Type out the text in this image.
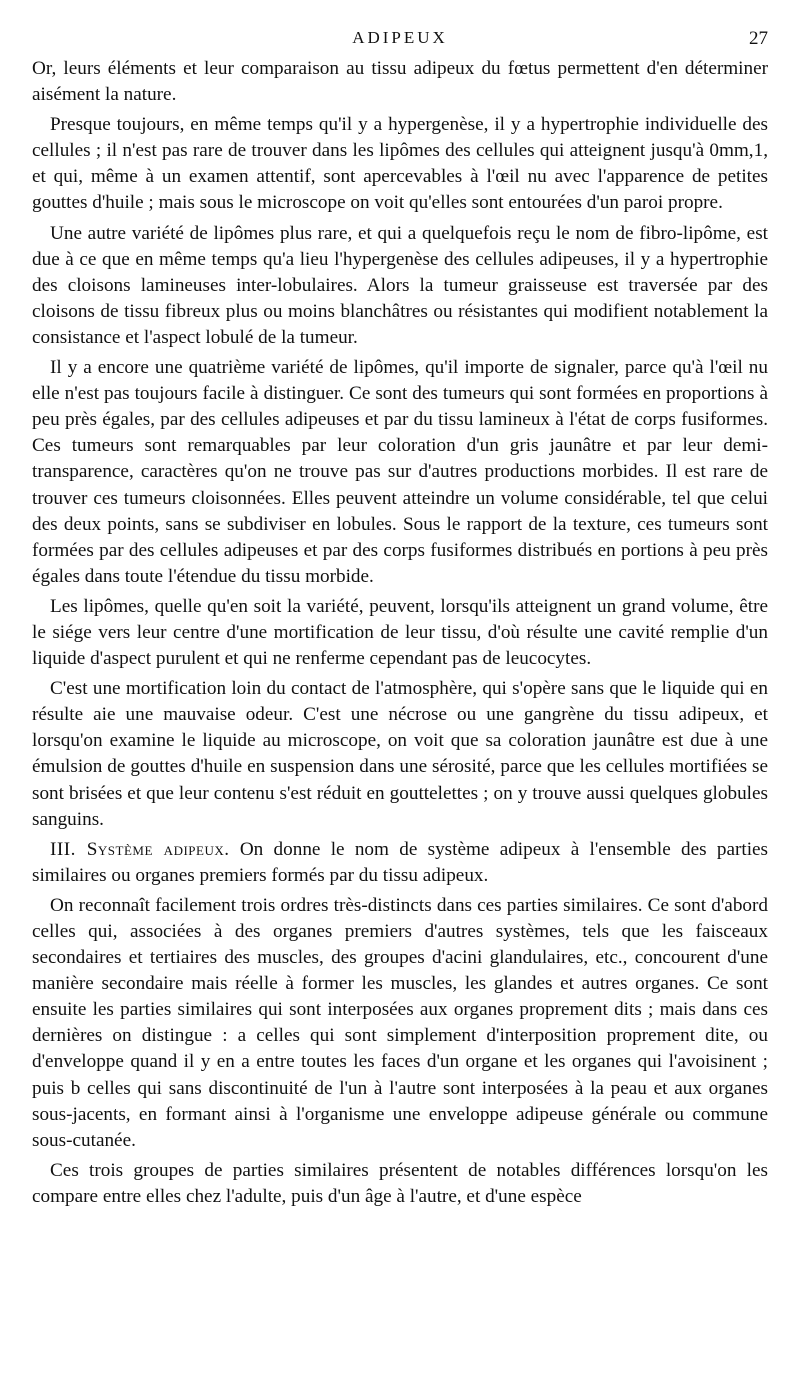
ADIPEUX	27

Or, leurs éléments et leur comparaison au tissu adipeux du fœtus permettent d'en déterminer aisément la nature.

Presque toujours, en même temps qu'il y a hypergenèse, il y a hypertrophie individuelle des cellules ; il n'est pas rare de trouver dans les lipômes des cellules qui atteignent jusqu'à 0mm,1, et qui, même à un examen attentif, sont apercevables à l'œil nu avec l'apparence de petites gouttes d'huile ; mais sous le microscope on voit qu'elles sont entourées d'un paroi propre.

Une autre variété de lipômes plus rare, et qui a quelquefois reçu le nom de fibro-lipôme, est due à ce que en même temps qu'a lieu l'hypergenèse des cellules adipeuses, il y a hypertrophie des cloisons lamineuses inter-lobulaires. Alors la tumeur graisseuse est traversée par des cloisons de tissu fibreux plus ou moins blanchâtres ou résistantes qui modifient notablement la consistance et l'aspect lobulé de la tumeur.

Il y a encore une quatrième variété de lipômes, qu'il importe de signaler, parce qu'à l'œil nu elle n'est pas toujours facile à distinguer. Ce sont des tumeurs qui sont formées en proportions à peu près égales, par des cellules adipeuses et par du tissu lamineux à l'état de corps fusiformes. Ces tumeurs sont remarquables par leur coloration d'un gris jaunâtre et par leur demi-transparence, caractères qu'on ne trouve pas sur d'autres productions morbides. Il est rare de trouver ces tumeurs cloisonnées. Elles peuvent atteindre un volume considérable, tel que celui des deux points, sans se subdiviser en lobules. Sous le rapport de la texture, ces tumeurs sont formées par des cellules adipeuses et par des corps fusiformes distribués en portions à peu près égales dans toute l'étendue du tissu morbide.

Les lipômes, quelle qu'en soit la variété, peuvent, lorsqu'ils atteignent un grand volume, être le siége vers leur centre d'une mortification de leur tissu, d'où résulte une cavité remplie d'un liquide d'aspect purulent et qui ne renferme cependant pas de leucocytes.

C'est une mortification loin du contact de l'atmosphère, qui s'opère sans que le liquide qui en résulte aie une mauvaise odeur. C'est une nécrose ou une gangrène du tissu adipeux, et lorsqu'on examine le liquide au microscope, on voit que sa coloration jaunâtre est due à une émulsion de gouttes d'huile en suspension dans une sérosité, parce que les cellules mortifiées se sont brisées et que leur contenu s'est réduit en gouttelettes ; on y trouve aussi quelques globules sanguins.

III. Système adipeux. On donne le nom de système adipeux à l'ensemble des parties similaires ou organes premiers formés par du tissu adipeux.

On reconnaît facilement trois ordres très-distincts dans ces parties similaires. Ce sont d'abord celles qui, associées à des organes premiers d'autres systèmes, tels que les faisceaux secondaires et tertiaires des muscles, des groupes d'acini glandulaires, etc., concourent d'une manière secondaire mais réelle à former les muscles, les glandes et autres organes. Ce sont ensuite les parties similaires qui sont interposées aux organes proprement dits ; mais dans ces dernières on distingue : a celles qui sont simplement d'interposition proprement dite, ou d'enveloppe quand il y en a entre toutes les faces d'un organe et les organes qui l'avoisinent ; puis b celles qui sans discontinuité de l'un à l'autre sont interposées à la peau et aux organes sous-jacents, en formant ainsi à l'organisme une enveloppe adipeuse générale ou commune sous-cutanée.

Ces trois groupes de parties similaires présentent de notables différences lorsqu'on les compare entre elles chez l'adulte, puis d'un âge à l'autre, et d'une espèce
